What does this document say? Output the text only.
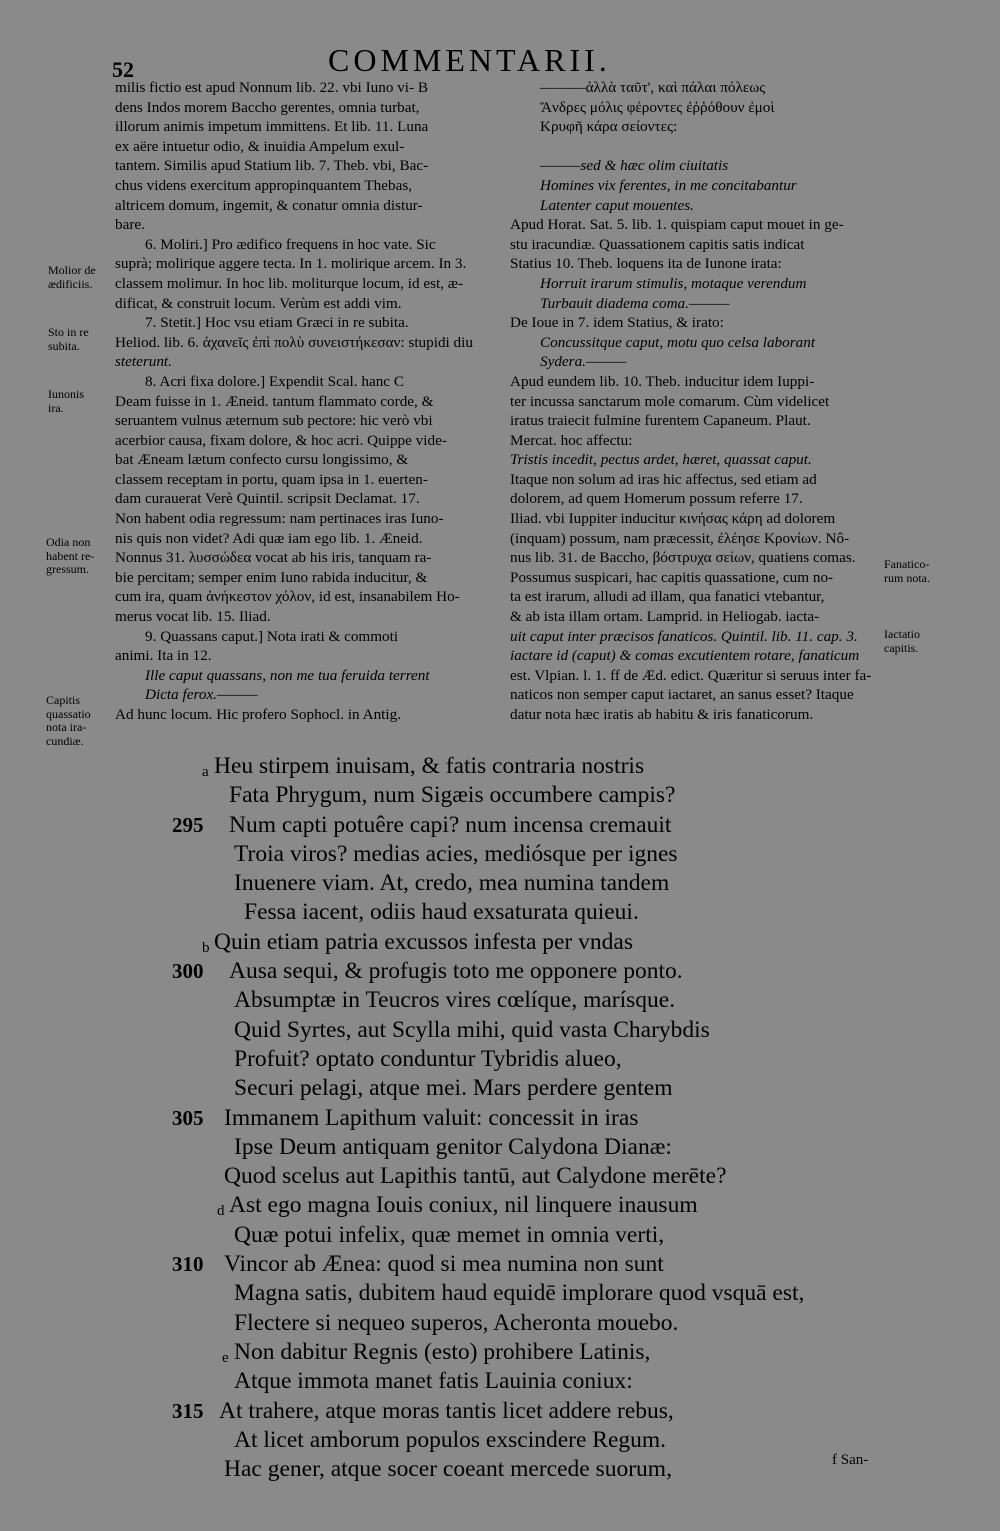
52	COMMENTARII.
milis fictio est apud Nonnum lib. 22. vbi Iuno vi- B
dens Indos morem Baccho gerentes, omnia turbat,
illorum animis impetum immittens. Et lib. 11. Luna
ex aëre intuetur odio, & inuidia Ampelum exul-
tantem. Similis apud Statium lib. 7. Theb. vbi, Bac-
chus videns exercitum appropinquantem Thebas,
altricem domum, ingemit, & conatur omnia distur-
bare.
6. Moliri.] Pro ædifico frequens in hoc vate. Sic
suprà; molirique aggere tecta. In 1. molirique arcem. In 3.
classem molimur. In hoc lib. moliturque locum, id est, æ-
dificat, & construit locum. Verùm est addi vim.
7. Stetit.] Hoc vsu etiam Græci in re subita.
Heliod. lib. 6. ἀχανεῖς ἐπὶ πολὺ συνειστήκεσαν: stupidi diu
steterunt.
8. Acri fixa dolore.] Expendit Scal. hanc C
Deam fuisse in 1. Æneid. tantum flammato corde, &
seruantem vulnus æternum sub pectore: hic verò vbi
acerbior causa, fixam dolore, & hoc acri. Quippe vide-
bat Æneam lætum confecto cursu longissimo, &
classem receptam in portu, quam ipsa in 1. euerten-
dam curauerat Verè Quintil. scripsit Declamat. 17.
Non habent odia regressum: nam pertinaces iras Iuno-
nis quis non videt? Adi quæ iam ego lib. 1. Æneid.
Nonnus 31. λυσσώδεα vocat ab his iris, tanquam ra-
bie percitam; semper enim Iuno rabida inducitur, &
cum ira, quam ἀνήκεστον χόλον, id est, insanabilem Ho-
merus vocat lib. 15. Iliad.
9. Quassans caput.] Nota irati & commoti
animi. Ita in 12.
Ille caput quassans, non me tua feruida terrent
Dicta ferox.———
Ad hunc locum. Hic profero Sophocl. in Antig.
———ἀλλὰ ταῦτ', καὶ πάλαι πόλεως
Ἄνδρες μόλις φέροντες ἐῤῥόθουν ἐμοὶ
Κρυφῆ κάρα σείοντες:

———sed & hæc olim ciuitatis
Homines vix ferentes, in me concitabantur
Latenter caput mouentes.
Apud Horat. Sat. 5. lib. 1. quispiam caput mouet in ge-
stu iracundiæ. Quassationem capitis satis indicat
Statius 10. Theb. loquens ita de Iunone irata:
Horruit irarum stimulis, motaque verendum
Turbauit diadema coma.———
De Ioue in 7. idem Statius, & irato:
Concussitque caput, motu quo celsa laborant
Sydera.———
Apud eundem lib. 10. Theb. inducitur idem Iuppi-
ter incussa sanctarum mole comarum. Cùm videlicet
iratus traiecit fulmine furentem Capaneum. Plaut.
Mercat. hoc affectu:
Tristis incedit, pectus ardet, hæret, quassat caput.
Itaque non solum ad iras hic affectus, sed etiam ad
dolorem, ad quem Homerum possum referre 17.
Iliad. vbi Iuppiter inducitur κινήσας κάρη ad dolorem
(inquam) possum, nam præcessit, ἐλέησε Κρονίων. Nô-
nus lib. 31. de Baccho, βόστρυχα σείων, quatiens comas.
Possumus suspicari, hac capitis quassatione, cum no-
ta est irarum, alludi ad illam, qua fanatici vtebantur,
& ab ista illam ortam. Lamprid. in Heliogab. iacta-
uit caput inter præcisos fanaticos. Quintil. lib. 11. cap. 3.
iactare id (caput) & comas excutientem rotare, fanaticum
est. Vlpian. l. 1. ff de Æd. edict. Quæritur si seruus inter fa-
naticos non semper caput iactaret, an sanus esset? Itaque
datur nota hæc iratis ab habitu & iris fanaticorum.
Molior de
ædificiis.
Sto in re
subita.
Iunonis
ira.
Odia non
habent re-
gressum.
Capitis
quassatio
nota ira-
cundiæ.
Fanatico-
rum nota.
Iactatio
capitis.
a Heu stirpem inuisam, & fatis contraria nostris
Fata Phrygum, num Sigæis occumbere campis?
295 Num capti potuêre capi? num incensa cremauit
Troia viros? medias acies, mediósque per ignes
Inuenere viam. At, credo, mea numina tandem
Fessa iacent, odiis haud exsaturata quieui.
b Quin etiam patria excussos infesta per vndas
300 Ausa sequi, & profugis toto me opponere ponto.
Absumptæ in Teucros vires cœlíque, marísque.
Quid Syrtes, aut Scylla mihi, quid vasta Charybdis
Profuit? optato conduntur Tybridis alueo,
Securi pelagi, atque mei. Mars perdere gentem
305 Immanem Lapithum valuit: concessit in iras
Ipse Deum antiquam genitor Calydona Dianæ:
Quod scelus aut Lapithis tantū, aut Calydone merēte?
d Ast ego magna Iouis coniux, nil linquere inausum
Quæ potui infelix, quæ memet in omnia verti,
310 Vincor ab Ænea: quod si mea numina non sunt
Magna satis, dubitem haud equidē implorare quod vsquā est,
Flectere si nequeo superos, Acheronta mouebo.
e Non dabitur Regnis (esto) prohibere Latinis,
Atque immota manet fatis Lauinia coniux:
315 At trahere, atque moras tantis licet addere rebus,
At licet amborum populos exscindere Regum.
Hac gener, atque socer coeant mercede suorum,	f San-
